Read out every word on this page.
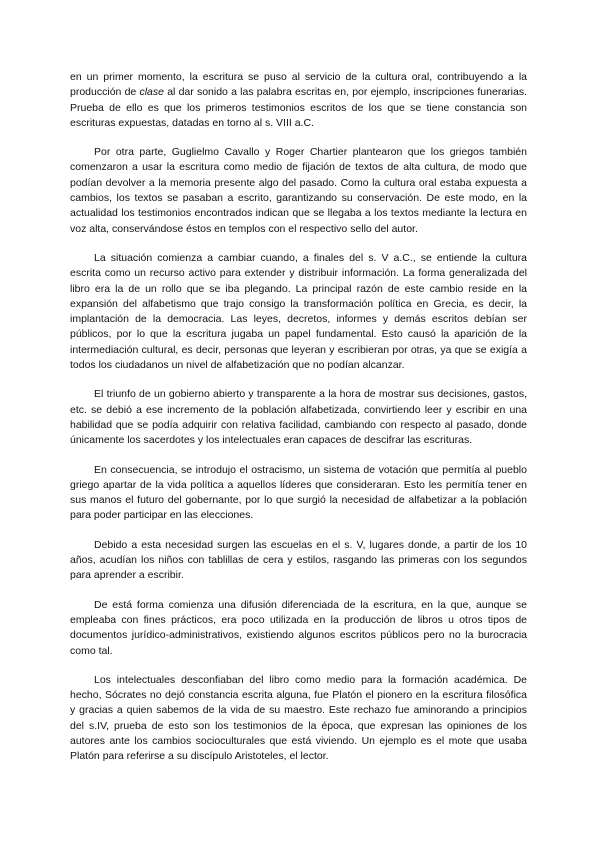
en un primer momento, la escritura se puso al servicio de la cultura oral, contribuyendo a la producción de clase al dar sonido a las palabra escritas en, por ejemplo, inscripciones funerarias. Prueba de ello es que los primeros testimonios escritos de los que se tiene constancia son escrituras expuestas, datadas en torno al s. VIII a.C.

Por otra parte, Guglielmo Cavallo y Roger Chartier plantearon que los griegos también comenzaron a usar la escritura como medio de fijación de textos de alta cultura, de modo que podían devolver a la memoria presente algo del pasado. Como la cultura oral estaba expuesta a cambios, los textos se pasaban a escrito, garantizando su conservación. De este modo, en la actualidad los testimonios encontrados indican que se llegaba a los textos mediante la lectura en voz alta, conservándose éstos en templos con el respectivo sello del autor.

La situación comienza a cambiar cuando, a finales del s. V a.C., se entiende la cultura escrita como un recurso activo para extender y distribuir información. La forma generalizada del libro era la de un rollo que se iba plegando. La principal razón de este cambio reside en la expansión del alfabetismo que trajo consigo la transformación política en Grecia, es decir, la implantación de la democracia. Las leyes, decretos, informes y demás escritos debían ser públicos, por lo que la escritura jugaba un papel fundamental. Esto causó la aparición de la intermediación cultural, es decir, personas que leyeran y escribieran por otras, ya que se exigía a todos los ciudadanos un nivel de alfabetización que no podían alcanzar.

El triunfo de un gobierno abierto y transparente a la hora de mostrar sus decisiones, gastos, etc. se debió a ese incremento de la población alfabetizada, convirtiendo leer y escribir en una habilidad que se podía adquirir con relativa facilidad, cambiando con respecto al pasado, donde únicamente los sacerdotes y los intelectuales eran capaces de descifrar las escrituras.

En consecuencia, se introdujo el ostracismo, un sistema de votación que permitía al pueblo griego apartar de la vida política a aquellos líderes que consideraran. Esto les permitía tener en sus manos el futuro del gobernante, por lo que surgió la necesidad de alfabetizar a la población para poder participar en las elecciones.

Debido a esta necesidad surgen las escuelas en el s. V, lugares donde, a partir de los 10 años, acudían los niños con tablillas de cera y estilos, rasgando las primeras con los segundos para aprender a escribir.

De está forma comienza una difusión diferenciada de la escritura, en la que, aunque se empleaba con fines prácticos, era poco utilizada en la producción de libros u otros tipos de documentos jurídico-administrativos, existiendo algunos escritos públicos pero no la burocracia como tal.

Los intelectuales desconfiaban del libro como medio para la formación académica. De hecho, Sócrates no dejó constancia escrita alguna, fue Platón el pionero en la escritura filosófica y gracias a quien sabemos de la vida de su maestro. Este rechazo fue aminorando a principios del s.IV, prueba de esto son los testimonios de la época, que expresan las opiniones de los autores ante los cambios socioculturales que está viviendo. Un ejemplo es el mote que usaba Platón para referirse a su discípulo Aristoteles, el lector.
